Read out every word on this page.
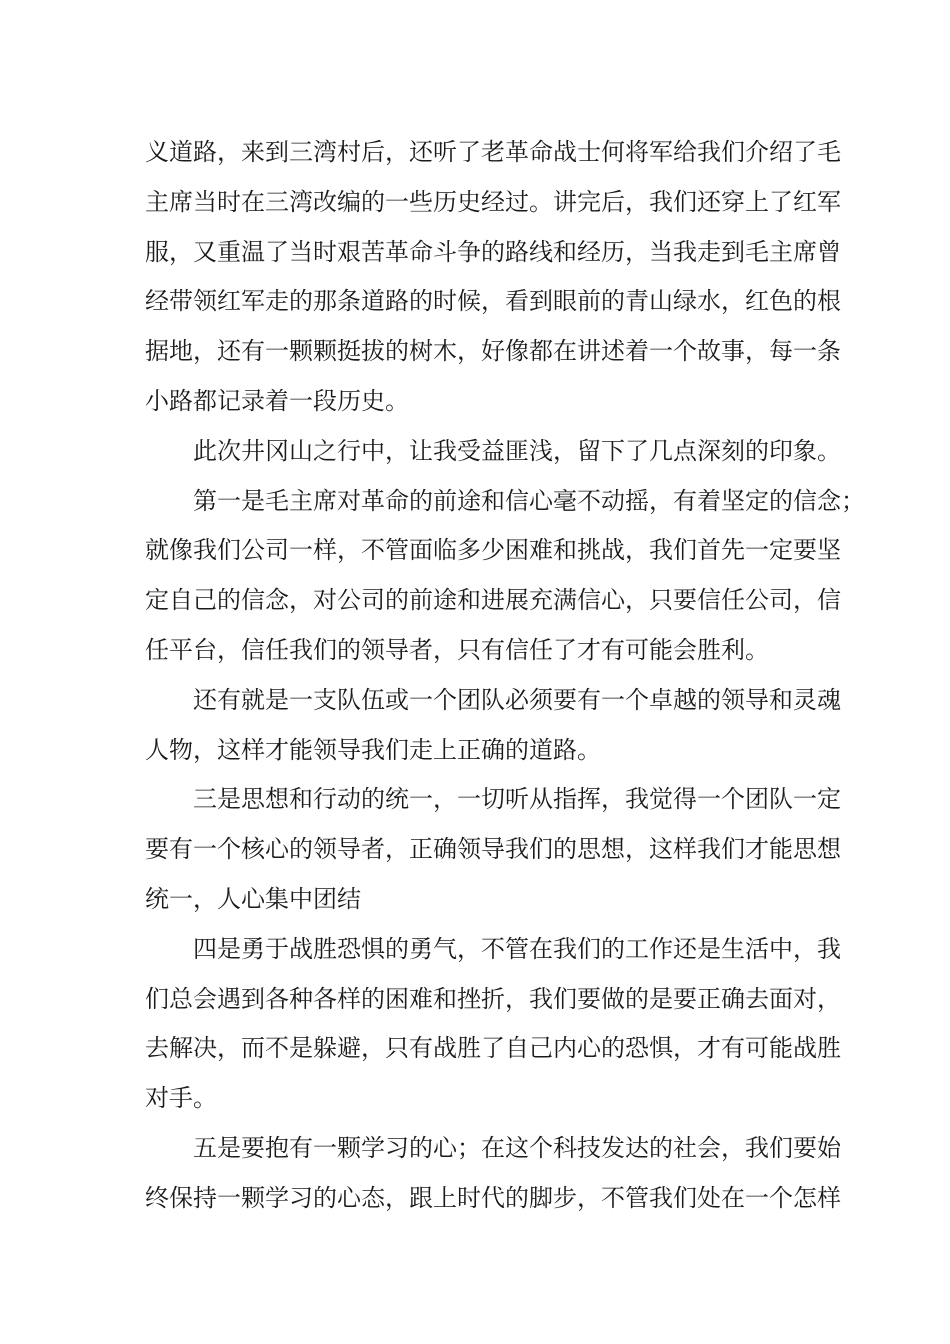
义道路，来到三湾村后，还听了老革命战士何将军给我们介绍了毛
主席当时在三湾改编的一些历史经过。讲完后，我们还穿上了红军
服，又重温了当时艰苦革命斗争的路线和经历，当我走到毛主席曾
经带领红军走的那条道路的时候，看到眼前的青山绿水，红色的根
据地，还有一颗颗挺拔的树木，好像都在讲述着一个故事，每一条
小路都记录着一段历史。
此次井冈山之行中，让我受益匪浅，留下了几点深刻的印象。
第一是毛主席对革命的前途和信心毫不动摇，有着坚定的信念；
就像我们公司一样，不管面临多少困难和挑战，我们首先一定要坚
定自己的信念，对公司的前途和进展充满信心，只要信任公司，信
任平台，信任我们的领导者，只有信任了才有可能会胜利。
还有就是一支队伍或一个团队必须要有一个卓越的领导和灵魂
人物，这样才能领导我们走上正确的道路。
三是思想和行动的统一，一切听从指挥，我觉得一个团队一定
要有一个核心的领导者，正确领导我们的思想，这样我们才能思想
统一，人心集中团结
四是勇于战胜恐惧的勇气，不管在我们的工作还是生活中，我
们总会遇到各种各样的困难和挫折，我们要做的是要正确去面对，
去解决，而不是躲避，只有战胜了自己内心的恐惧，才有可能战胜
对手。
五是要抱有一颗学习的心；在这个科技发达的社会，我们要始
终保持一颗学习的心态，跟上时代的脚步，不管我们处在一个怎样
